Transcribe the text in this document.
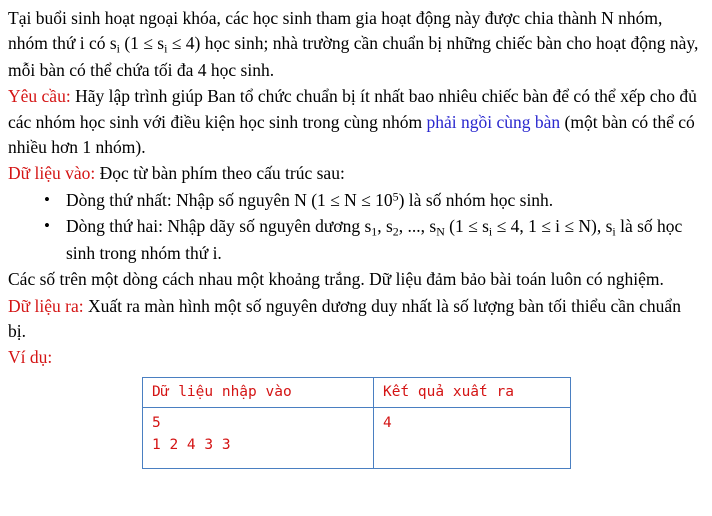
Tại buổi sinh hoạt ngoại khóa, các học sinh tham gia hoạt động này được chia thành N nhóm, nhóm thứ i có $s_i$ $(1 \le s_i \le 4)$ học sinh; nhà trường cần chuẩn bị những chiếc bàn cho hoạt động này, mỗi bàn có thể chứa tối đa 4 học sinh.

Yêu cầu: Hãy lập trình giúp Ban tổ chức chuẩn bị ít nhất bao nhiêu chiếc bàn để có thể xếp cho đủ các nhóm học sinh với điều kiện học sinh trong cùng nhóm phải ngồi cùng bàn (một bàn có thể có nhiều hơn 1 nhóm).

Dữ liệu vào: Đọc từ bàn phím theo cấu trúc sau:

• Dòng thứ nhất: Nhập số nguyên N $(1 \le N \le 10^5)$ là số nhóm học sinh.
• Dòng thứ hai: Nhập dãy số nguyên dương $s_1$, $s_2$, ..., $s_N$ ($1 \le s_i \le 4$, 1 ≤ i ≤ N), $s_i$ là số học sinh trong nhóm thứ i.

Các số trên một dòng cách nhau một khoảng trắng. Dữ liệu đảm bảo bài toán luôn có nghiệm.

Dữ liệu ra: Xuất ra màn hình một số nguyên dương duy nhất là số lượng bàn tối thiểu cần chuẩn bị.

Ví dụ:

Dữ liệu nhập vào	Kết quả xuất ra

5
1 2 4 3 3	4
